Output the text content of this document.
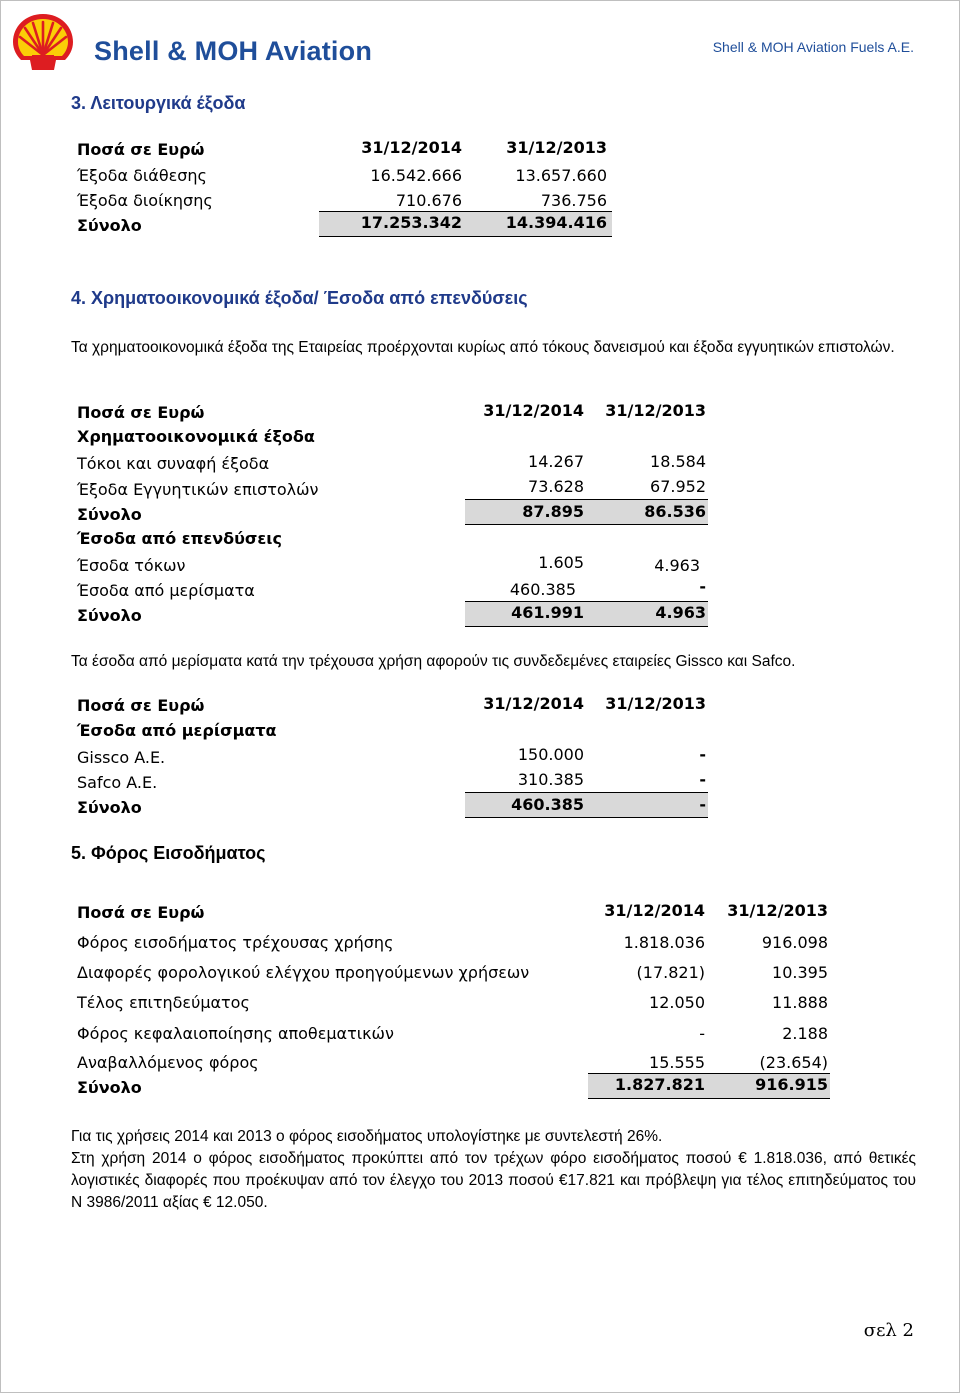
Shell & MOH Aviation	Shell & MOH Aviation Fuels A.E.
3. Λειτουργικά έξοδα
Ποσά σε Ευρώ	31/12/2014	31/12/2013
Έξοδα διάθεσης	16.542.666	13.657.660
Έξοδα διοίκησης	710.676	736.756
Σύνολο	17.253.342	14.394.416
4. Χρηματοοικονομικά έξοδα/ Έσοδα από επενδύσεις
Τα χρηματοοικονομικά έξοδα της Εταιρείας προέρχονται κυρίως από τόκους δανεισμού και έξοδα εγγυητικών επιστολών.
Ποσά σε Ευρώ	31/12/2014 31/12/2013
Χρηματοοικονομικά έξοδα
Τόκοι και συναφή έξοδα	14.267	18.584
Έξοδα Εγγυητικών επιστολών	73.628	67.952
Σύνολο	87.895	86.536
Έσοδα από επενδύσεις
Έσοδα τόκων	1.605	4.963
Έσοδα από μερίσματα	460.385	-
Σύνολο	461.991	4.963
Τα έσοδα από μερίσματα κατά την τρέχουσα χρήση αφορούν τις συνδεδεμένες εταιρείες Gissco και Safco.
Ποσά σε Ευρώ	31/12/2014 31/12/2013
Έσοδα από μερίσματα
Gissco A.E.	150.000	-
Safco A.E.	310.385	-
Σύνολο	460.385	-
5. Φόρος Εισοδήματος
Ποσά σε Ευρώ	31/12/2014 31/12/2013
Φόρος εισοδήματος τρέχουσας χρήσης	1.818.036	916.098
Διαφορές φορολογικού ελέγχου προηγούμενων χρήσεων	(17.821)	10.395
Τέλος επιτηδεύματος	12.050	11.888
Φόρος κεφαλαιοποίησης αποθεματικών	-	2.188
Αναβαλλόμενος φόρος	15.555	(23.654)
Σύνολο	1.827.821	916.915
Για τις χρήσεις 2014 και 2013 ο φόρος εισοδήματος υπολογίστηκε με συντελεστή 26%.
Στη χρήση 2014 ο φόρος εισοδήματος προκύπτει από τον τρέχων φόρο εισοδήματος ποσού € 1.818.036, από θετικές λογιστικές διαφορές που προέκυψαν από τον έλεγχο του 2013 ποσού €17.821 και πρόβλεψη για τέλος επιτηδεύματος του Ν 3986/2011 αξίας € 12.050.
σελ 2
